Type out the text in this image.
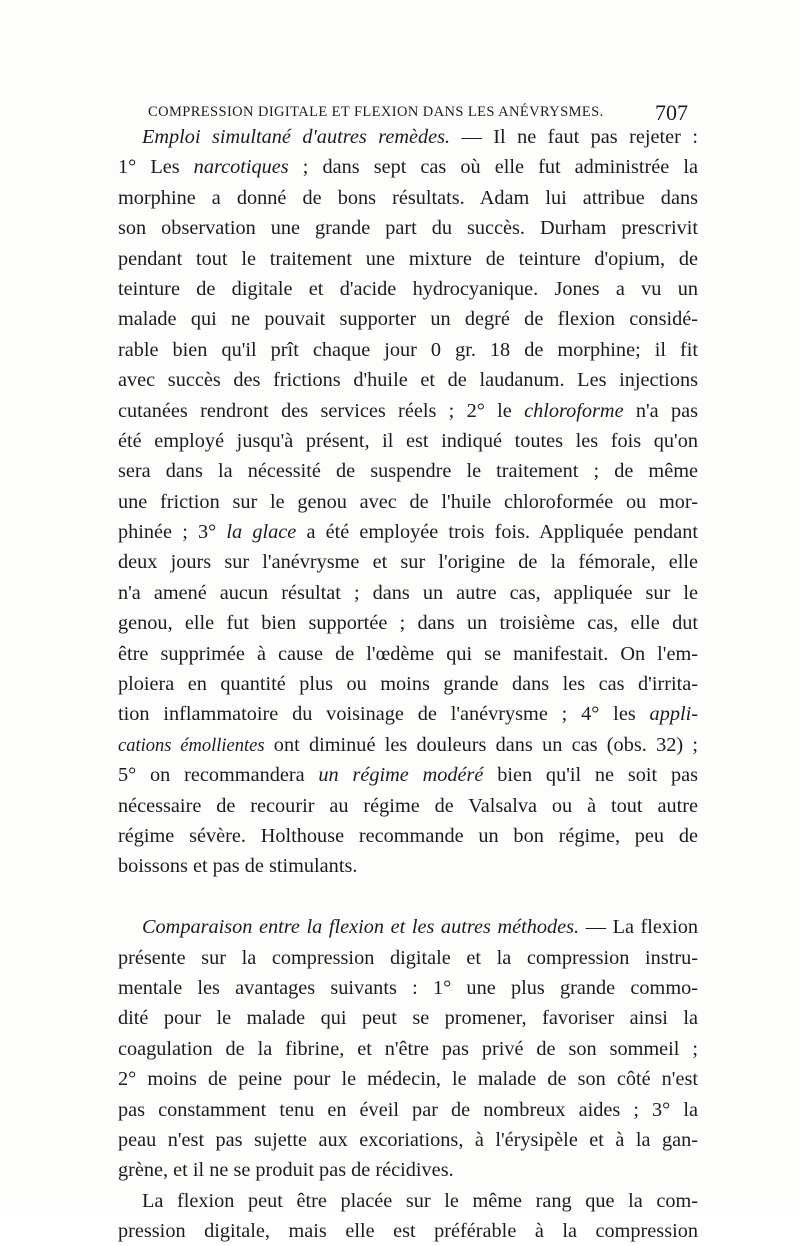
COMPRESSION DIGITALE ET FLEXION DANS LES ANÉVRYSMES. 707
Emploi simultané d'autres remèdes. — Il ne faut pas rejeter :
1° Les narcotiques ; dans sept cas où elle fut administrée la
morphine a donné de bons résultats. Adam lui attribue dans
son observation une grande part du succès. Durham prescrivit
pendant tout le traitement une mixture de teinture d'opium, de
teinture de digitale et d'acide hydrocyanique. Jones a vu un
malade qui ne pouvait supporter un degré de flexion considé-
rable bien qu'il prît chaque jour 0 gr. 18 de morphine; il fit
avec succès des frictions d'huile et de laudanum. Les injections
cutanées rendront des services réels ; 2° le chloroforme n'a pas
été employé jusqu'à présent, il est indiqué toutes les fois qu'on
sera dans la nécessité de suspendre le traitement ; de même
une friction sur le genou avec de l'huile chloroformée ou mor-
phinée ; 3° la glace a été employée trois fois. Appliquée pendant
deux jours sur l'anévrysme et sur l'origine de la fémorale, elle
n'a amené aucun résultat ; dans un autre cas, appliquée sur le
genou, elle fut bien supportée ; dans un troisième cas, elle dut
être supprimée à cause de l'œdème qui se manifestait. On l'em-
ploiera en quantité plus ou moins grande dans les cas d'irrita-
tion inflammatoire du voisinage de l'anévrysme ; 4° les appli-
cations émollientes ont diminué les douleurs dans un cas (obs. 32) ;
5° on recommandera un régime modéré bien qu'il ne soit pas
nécessaire de recourir au régime de Valsalva ou à tout autre
régime sévère. Holthouse recommande un bon régime, peu de
boissons et pas de stimulants.
Comparaison entre la flexion et les autres méthodes. — La flexion
présente sur la compression digitale et la compression instru-
mentale les avantages suivants : 1° une plus grande commo-
dité pour le malade qui peut se promener, favoriser ainsi la
coagulation de la fibrine, et n'être pas privé de son sommeil ;
2° moins de peine pour le médecin, le malade de son côté n'est
pas constamment tenu en éveil par de nombreux aides ; 3° la
peau n'est pas sujette aux excoriations, à l'érysipèle et à la gan-
grène, et il ne se produit pas de récidives.
La flexion peut être placée sur le même rang que la com-
pression digitale, mais elle est préférable à la compression
